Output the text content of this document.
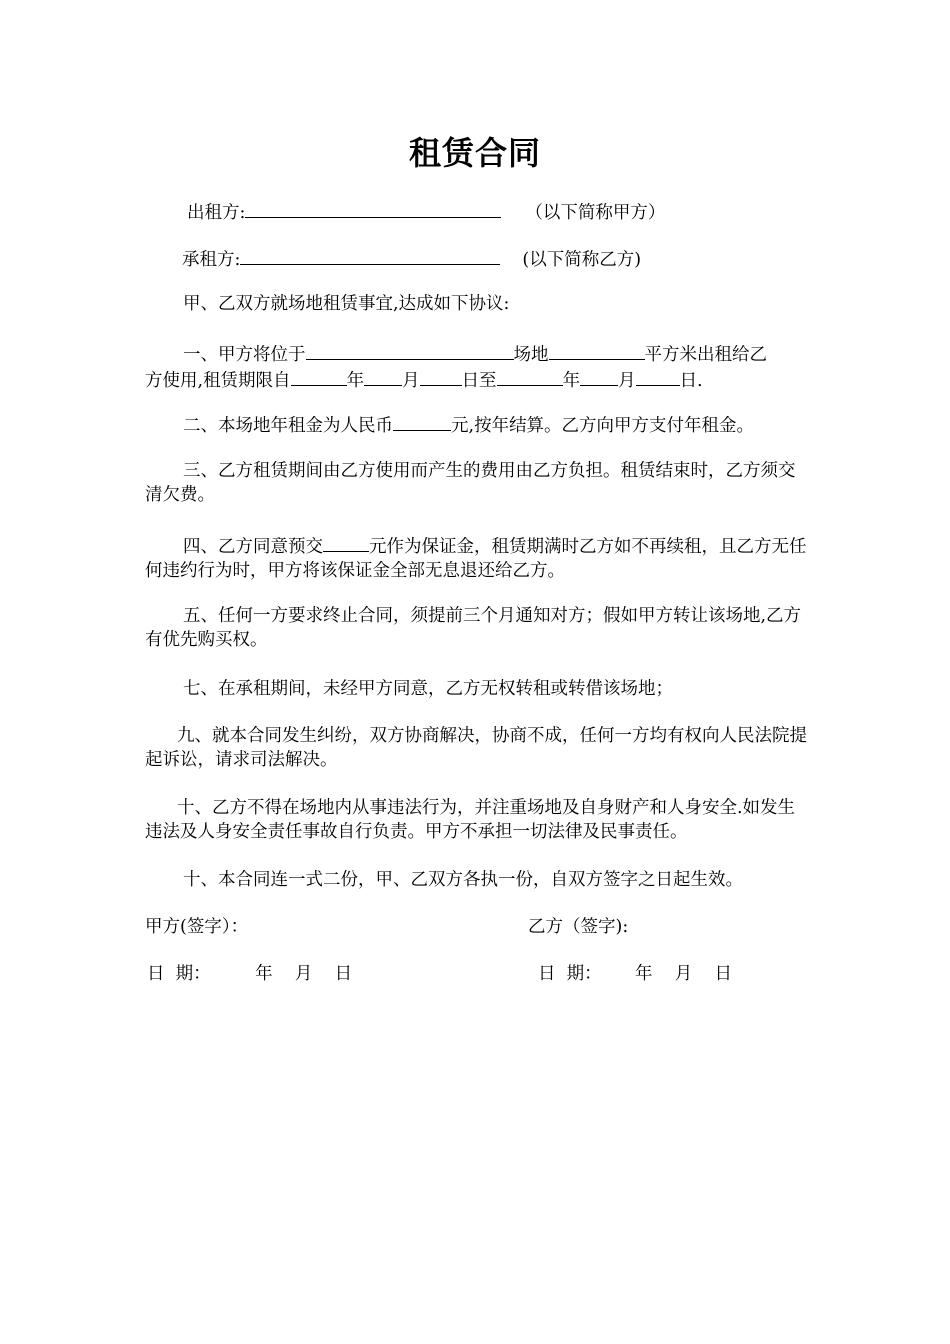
租赁合同
出租方:	（以下简称甲方）
承租方:	(以下简称乙方)
甲、乙双方就场地租赁事宜,达成如下协议:
一、甲方将位于	场地	平方米出租给乙
方使用,租赁期限自	年 月 日至	年 月	日.
二、本场地年租金为人民币	元,按年结算。乙方向甲方支付年租金。
三、乙方租赁期间由乙方使用而产生的费用由乙方负担。租赁结束时，乙方须交清欠费。
四、乙方同意预交	元作为保证金，租赁期满时乙方如不再续租，且乙方无任何违约行为时，甲方将该保证金全部无息退还给乙方。
五、任何一方要求终止合同，须提前三个月通知对方；假如甲方转让该场地,乙方有优先购买权。
七、在承租期间，未经甲方同意，乙方无权转租或转借该场地；
九、就本合同发生纠纷，双方协商解决，协商不成，任何一方均有权向人民法院提起诉讼，请求司法解决。
十、乙方不得在场地内从事违法行为，并注重场地及自身财产和人身安全.如发生违法及人身安全责任事故自行负责。甲方不承担一切法律及民事责任。
十、本合同连一式二份，甲、乙双方各执一份，自双方签字之日起生效。
甲方(签字）：	乙方（签字):
日  期：        年    月    日	日  期：      年    月    日
